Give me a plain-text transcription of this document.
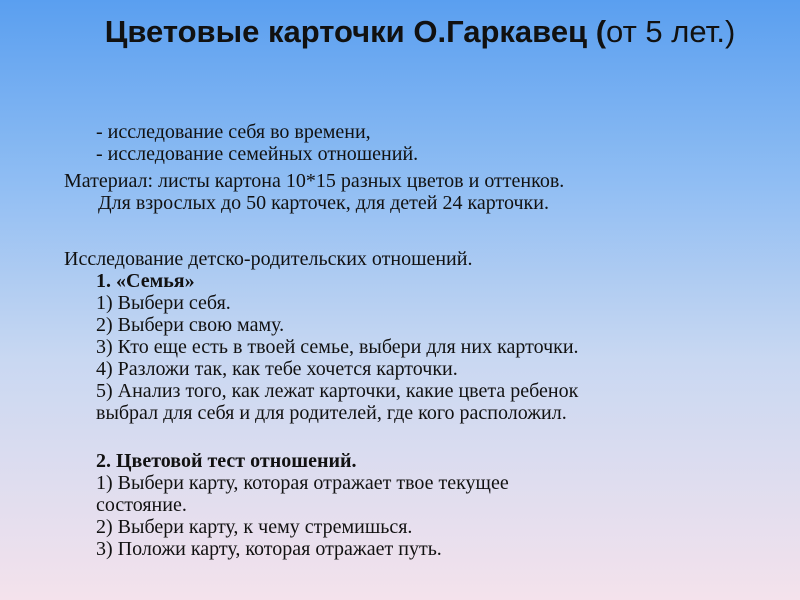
Цветовые карточки О.Гаркавец (от 5 лет.)
- исследование себя во времени,
- исследование семейных отношений.
Материал: листы картона 10*15 разных цветов и оттенков.
Для взрослых до 50 карточек, для детей 24 карточки.
Исследование детско-родительских отношений.
1. «Семья»
1) Выбери себя.
2) Выбери свою маму.
3) Кто еще есть в твоей семье, выбери для них карточки.
4) Разложи так, как тебе хочется карточки.
5) Анализ того, как лежат карточки, какие цвета ребенок
выбрал для себя и для родителей, где кого расположил.
2. Цветовой тест отношений.
1) Выбери карту, которая отражает твое текущее
состояние.
2) Выбери карту, к чему стремишься.
3) Положи карту, которая отражает путь.
